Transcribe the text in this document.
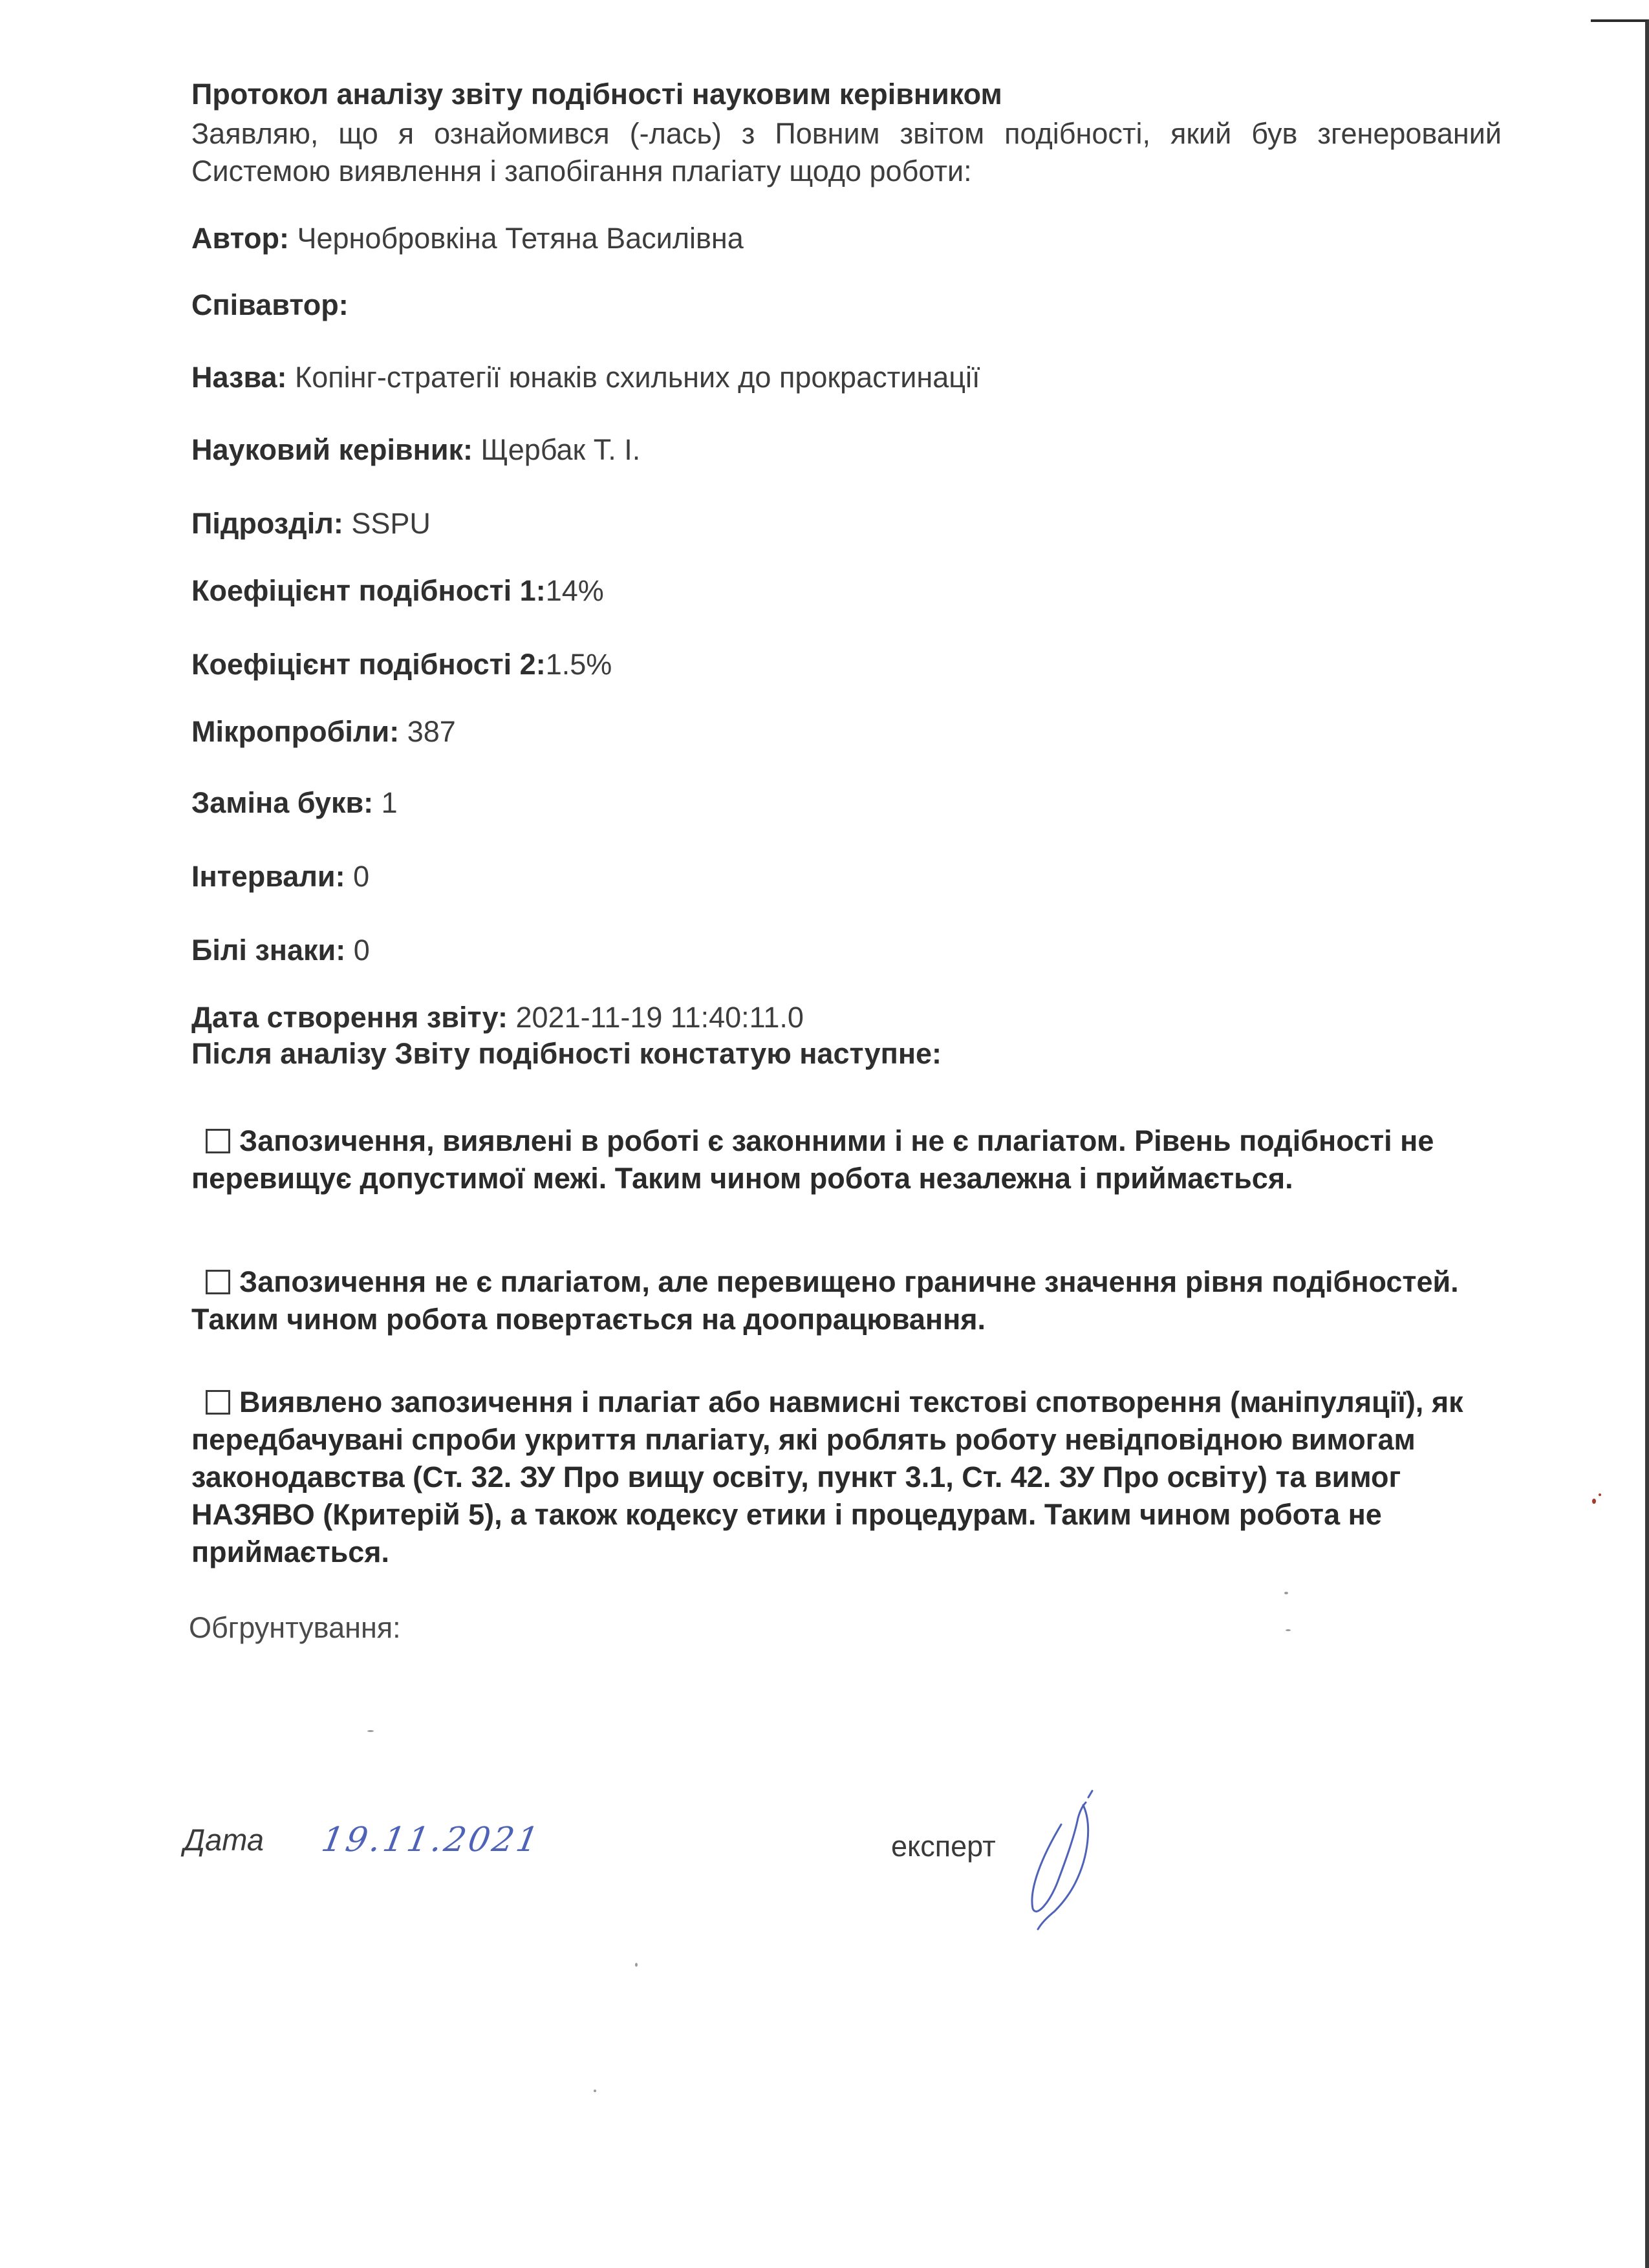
Протокол аналізу звіту подібності науковим керівником
Заявляю, що я ознайомився (-лась) з Повним звітом подібності, який був згенерований Системою виявлення і запобігання плагіату щодо роботи:
Автор: Чернобровкіна Тетяна Василівна
Співавтор:
Назва: Копінг-стратегії юнаків схильних до прокрастинації
Науковий керівник: Щербак Т. І.
Підрозділ: SSPU
Коефіцієнт подібності 1:14%
Коефіцієнт подібності 2:1.5%
Мікропробіли: 387
Заміна букв: 1
Інтервали: 0
Білі знаки: 0
Дата створення звіту: 2021-11-19 11:40:11.0
Після аналізу Звіту подібності констатую наступне:
Запозичення, виявлені в роботі є законними і не є плагіатом. Рівень подібності не перевищує допустимої межі. Таким чином робота незалежна і приймається.
Запозичення не є плагіатом, але перевищено граничне значення рівня подібностей. Таким чином робота повертається на доопрацювання.
Виявлено запозичення і плагіат або навмисні текстові спотворення (маніпуляції), як передбачувані спроби укриття плагіату, які роблять роботу невідповідною вимогам законодавства (Ст. 32. ЗУ Про вищу освіту, пункт 3.1, Ст. 42. ЗУ Про освіту) та вимог НАЗЯВО (Критерій 5), а також кодексу етики і процедурам. Таким чином робота не приймається.
Обгрунтування:
Дата 19.11.2021	експерт
